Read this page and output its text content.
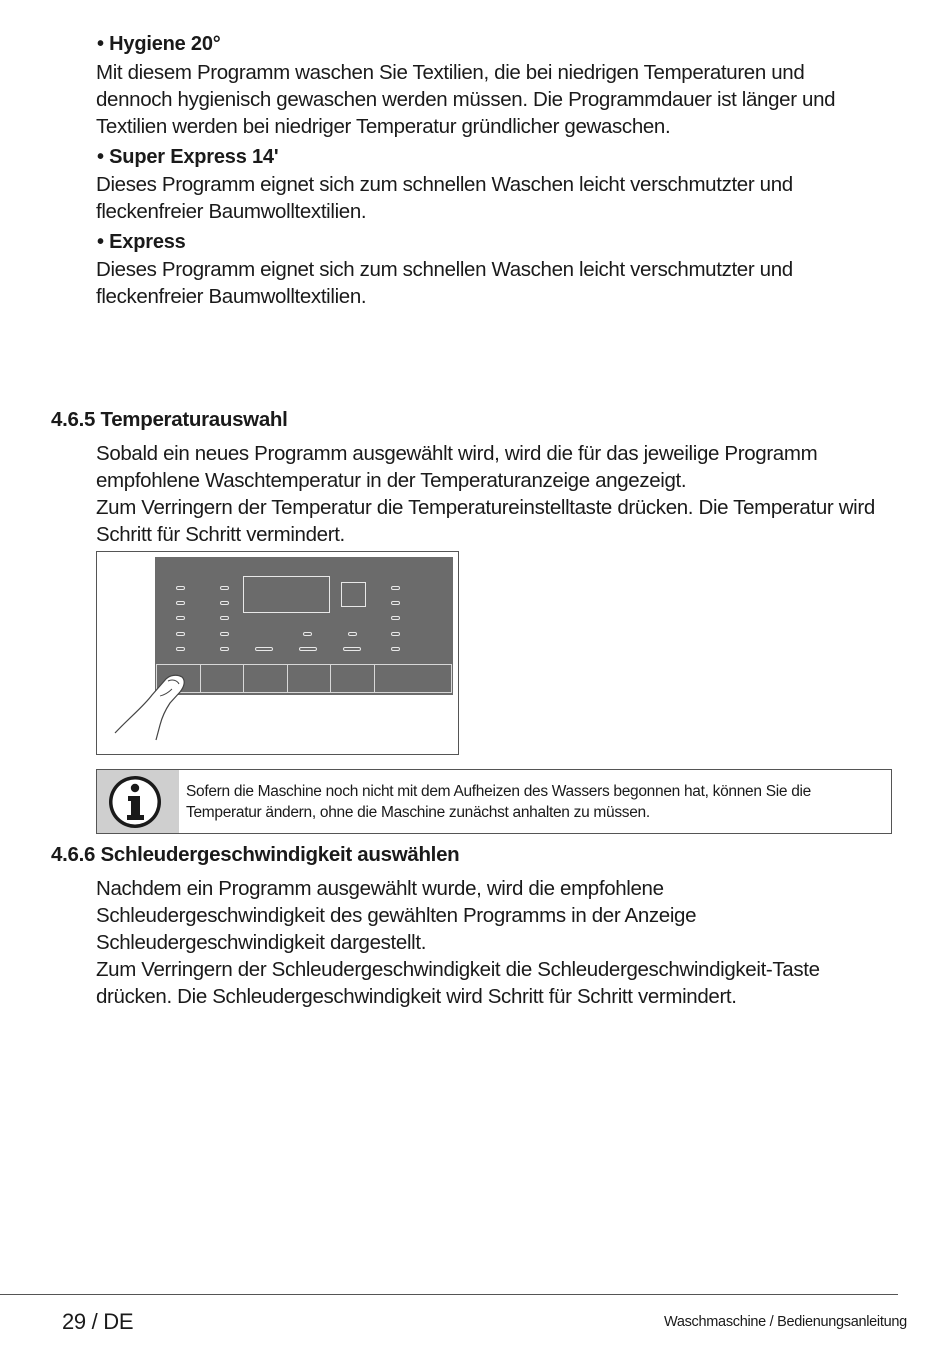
• Hygiene 20°
Mit diesem Programm waschen Sie Textilien, die bei niedrigen Temperaturen und
dennoch hygienisch gewaschen werden müssen. Die Programmdauer ist länger und
Textilien werden bei niedriger Temperatur gründlicher gewaschen.
• Super Express 14'
Dieses Programm eignet sich zum schnellen Waschen leicht verschmutzter und
fleckenfreier Baumwolltextilien.
• Express
Dieses Programm eignet sich zum schnellen Waschen leicht verschmutzter und
fleckenfreier Baumwolltextilien.
4.6.5 Temperaturauswahl
Sobald ein neues Programm ausgewählt wird, wird die für das jeweilige Programm
empfohlene Waschtemperatur in der Temperaturanzeige angezeigt.
Zum Verringern der Temperatur die Temperatureinstelltaste drücken. Die Temperatur wird
Schritt für Schritt vermindert.
Sofern die Maschine noch nicht mit dem Aufheizen des Wassers begonnen hat, können Sie die
Temperatur ändern, ohne die Maschine zunächst anhalten zu müssen.
4.6.6 Schleudergeschwindigkeit auswählen
Nachdem ein Programm ausgewählt wurde, wird die empfohlene
Schleudergeschwindigkeit des gewählten Programms in der Anzeige
Schleudergeschwindigkeit dargestellt.
Zum Verringern der Schleudergeschwindigkeit die Schleudergeschwindigkeit-Taste
drücken. Die Schleudergeschwindigkeit wird Schritt für Schritt vermindert.
29 / DE	Waschmaschine / Bedienungsanleitung
